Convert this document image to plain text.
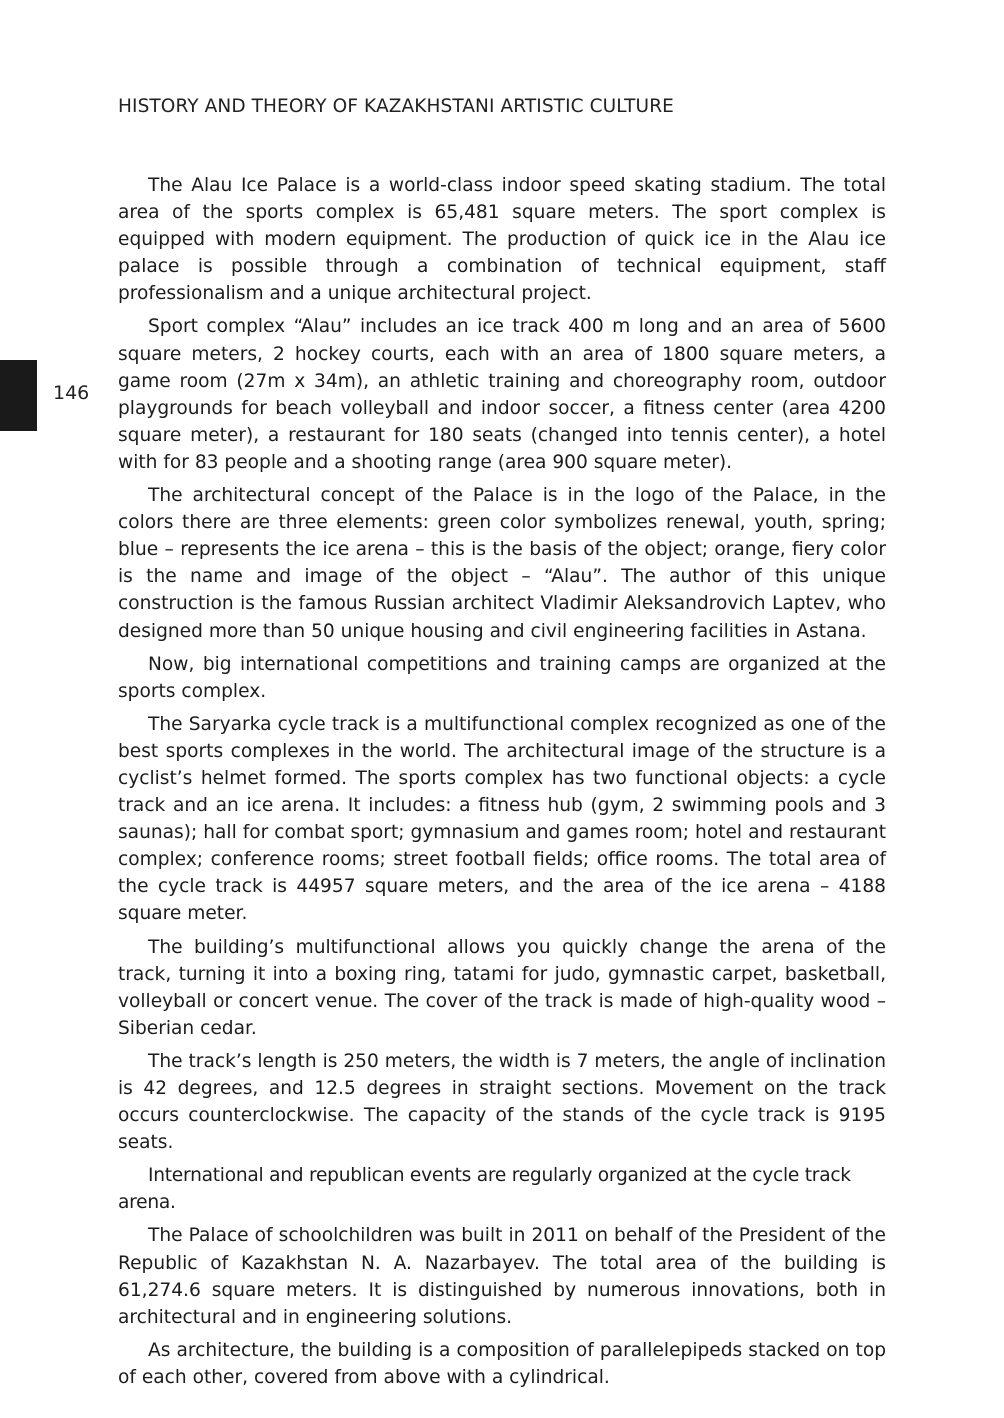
HISTORY AND THEORY OF KAZAKHSTANI ARTISTIC CULTURE
146

The Alau Ice Palace is a world-class indoor speed skating stadium. The total area of the sports complex is 65,481 square meters. The sport complex is equipped with modern equipment. The production of quick ice in the Alau ice palace is possible through a combination of technical equipment, staff professionalism and a unique architectural project.

Sport complex “Alau” includes an ice track 400 m long and an area of 5600 square meters, 2 hockey courts, each with an area of 1800 square meters, a game room (27m x 34m), an athletic training and choreography room, outdoor playgrounds for beach volleyball and indoor soccer, a fitness center (area 4200 square meter), a restaurant for 180 seats (changed into tennis center), a hotel with for 83 people and a shooting range (area 900 square meter).

The architectural concept of the Palace is in the logo of the Palace, in the colors there are three elements: green color symbolizes renewal, youth, spring; blue – represents the ice arena – this is the basis of the object; orange, fiery color is the name and image of the object – “Alau”. The author of this unique construction is the famous Russian architect Vladimir Aleksandrovich Laptev, who designed more than 50 unique housing and civil engineering facilities in Astana.

Now, big international competitions and training camps are organized at the sports complex.

The Saryarka cycle track is a multifunctional complex recognized as one of the best sports complexes in the world. The architectural image of the structure is a cyclist’s helmet formed. The sports complex has two functional objects: a cycle track and an ice arena. It includes: a fitness hub (gym, 2 swimming pools and 3 saunas); hall for combat sport; gymnasium and games room; hotel and restaurant complex; conference rooms; street football fields; office rooms. The total area of the cycle track is 44957 square meters, and the area of the ice arena – 4188 square meter.

The building’s multifunctional allows you quickly change the arena of the track, turning it into a boxing ring, tatami for judo, gymnastic carpet, basketball, volleyball or concert venue. The cover of the track is made of high-quality wood – Siberian cedar.

The track’s length is 250 meters, the width is 7 meters, the angle of inclination is 42 degrees, and 12.5 degrees in straight sections. Movement on the track occurs counterclockwise. The capacity of the stands of the cycle track is 9195 seats.

International and republican events are regularly organized at the cycle track arena.

The Palace of schoolchildren was built in 2011 on behalf of the President of the Republic of Kazakhstan N. A. Nazarbayev. The total area of the building is 61,274.6 square meters. It is distinguished by numerous innovations, both in architectural and in engineering solutions.

As architecture, the building is a composition of parallelepipeds stacked on top of each other, covered from above with a cylindrical.
